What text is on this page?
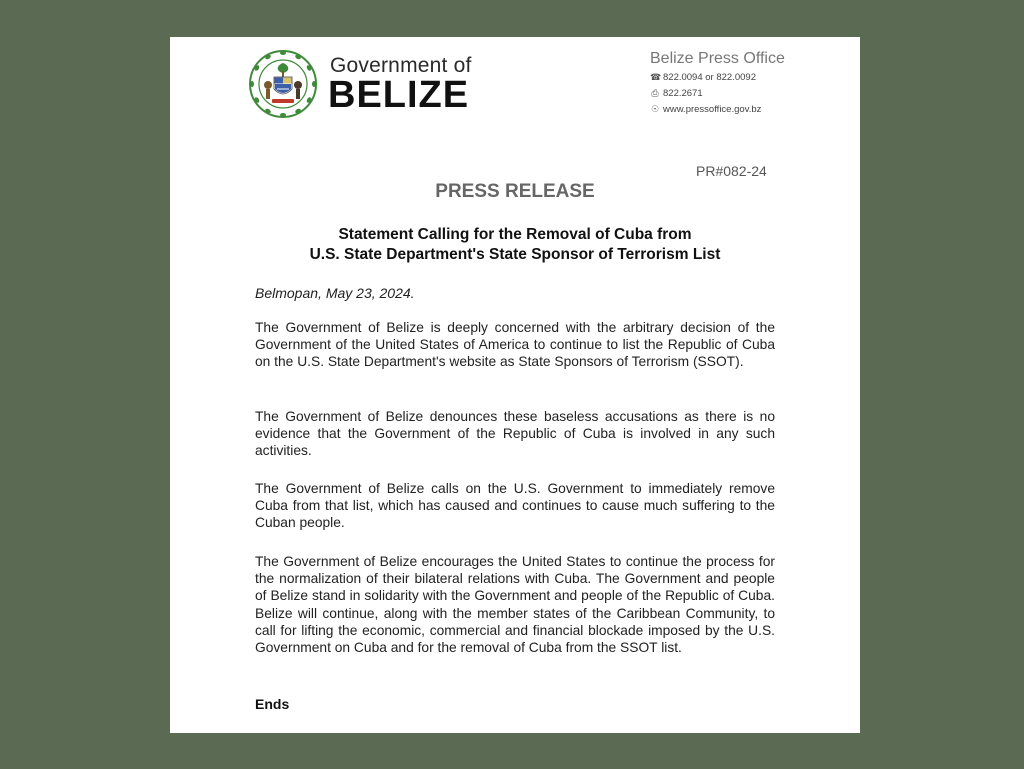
Government of

BELIZE

Belize Press Office

☎ 822.0094 or 822.0092

⎙ 822.2671

☉ www.pressoffice.gov.bz

PR#082-24

PRESS RELEASE

Statement Calling for the Removal of Cuba from

U.S. State Department's State Sponsor of Terrorism List

Belmopan, May 23, 2024.

The Government of Belize is deeply concerned with the arbitrary decision of the Government of the United States of America to continue to list the Republic of Cuba on the U.S. State Department's website as State Sponsors of Terrorism (SSOT).

The Government of Belize denounces these baseless accusations as there is no evidence that the Government of the Republic of Cuba is involved in any such activities.

The Government of Belize calls on the U.S. Government to immediately remove Cuba from that list, which has caused and continues to cause much suffering to the Cuban people.

The Government of Belize encourages the United States to continue the process for the normalization of their bilateral relations with Cuba. The Government and people of Belize stand in solidarity with the Government and people of the Republic of Cuba. Belize will continue, along with the member states of the Caribbean Community, to call for lifting the economic, commercial and financial blockade imposed by the U.S. Government on Cuba and for the removal of Cuba from the SSOT list.

Ends
